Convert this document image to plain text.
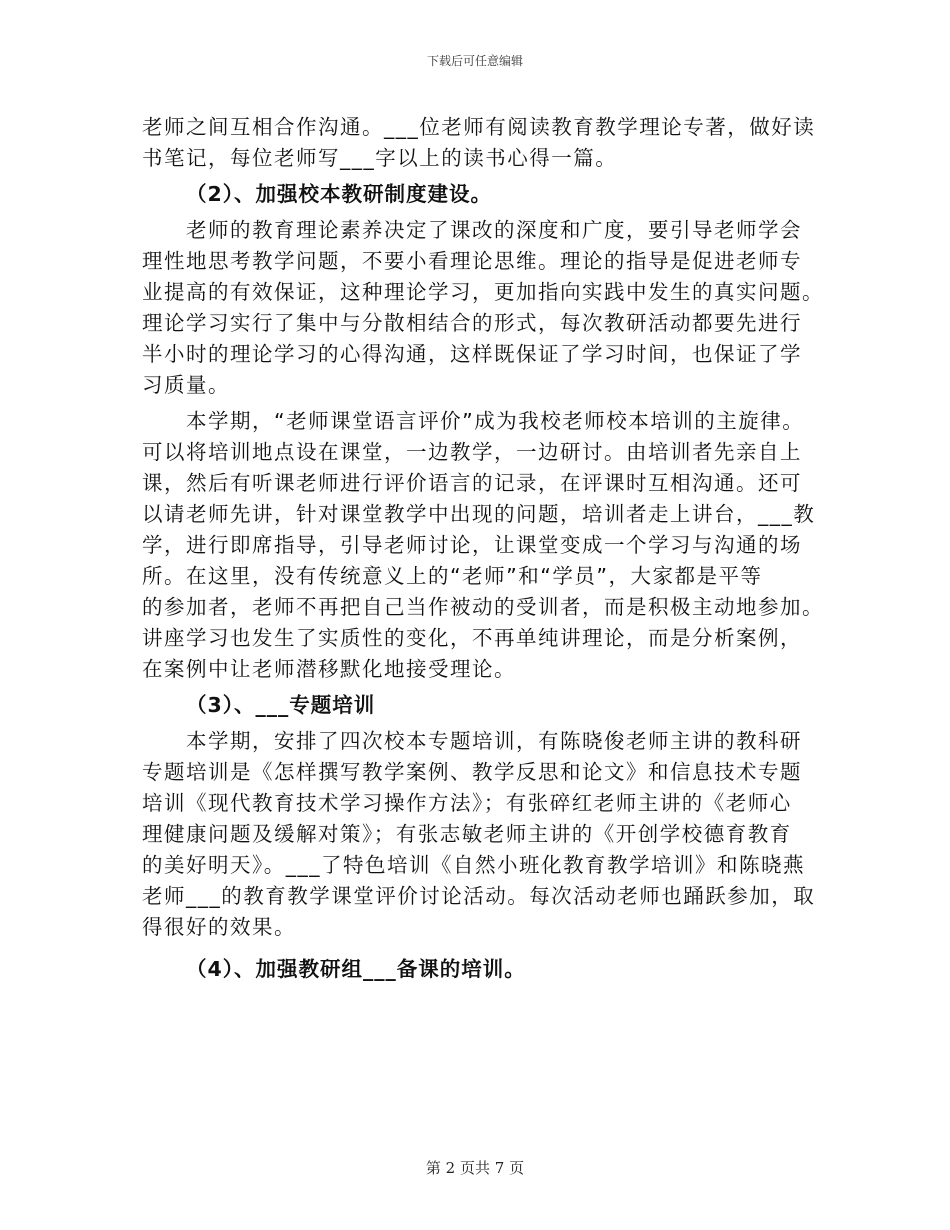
下载后可任意编辑
老师之间互相合作沟通。___位老师有阅读教育教学理论专著，做好读
书笔记，每位老师写___字以上的读书心得一篇。
（2）、加强校本教研制度建设。
老师的教育理论素养决定了课改的深度和广度，要引导老师学会
理性地思考教学问题，不要小看理论思维。理论的指导是促进老师专
业提高的有效保证，这种理论学习，更加指向实践中发生的真实问题。
理论学习实行了集中与分散相结合的形式，每次教研活动都要先进行
半小时的理论学习的心得沟通，这样既保证了学习时间，也保证了学
习质量。
本学期，“老师课堂语言评价”成为我校老师校本培训的主旋律。
可以将培训地点设在课堂，一边教学，一边研讨。由培训者先亲自上
课，然后有听课老师进行评价语言的记录，在评课时互相沟通。还可
以请老师先讲，针对课堂教学中出现的问题，培训者走上讲台，___教
学，进行即席指导，引导老师讨论，让课堂变成一个学习与沟通的场
所。在这里，没有传统意义上的“老师”和“学员”，大家都是平等
的参加者，老师不再把自己当作被动的受训者，而是积极主动地参加。
讲座学习也发生了实质性的变化，不再单纯讲理论，而是分析案例，
在案例中让老师潜移默化地接受理论。
（3）、___专题培训
本学期，安排了四次校本专题培训，有陈晓俊老师主讲的教科研
专题培训是《怎样撰写教学案例、教学反思和论文》和信息技术专题
培训《现代教育技术学习操作方法》；有张碎红老师主讲的《老师心
理健康问题及缓解对策》；有张志敏老师主讲的《开创学校德育教育
的美好明天》。___了特色培训《自然小班化教育教学培训》和陈晓燕
老师___的教育教学课堂评价讨论活动。每次活动老师也踊跃参加，取
得很好的效果。
（4）、加强教研组___备课的培训。
第 2 页共 7 页
